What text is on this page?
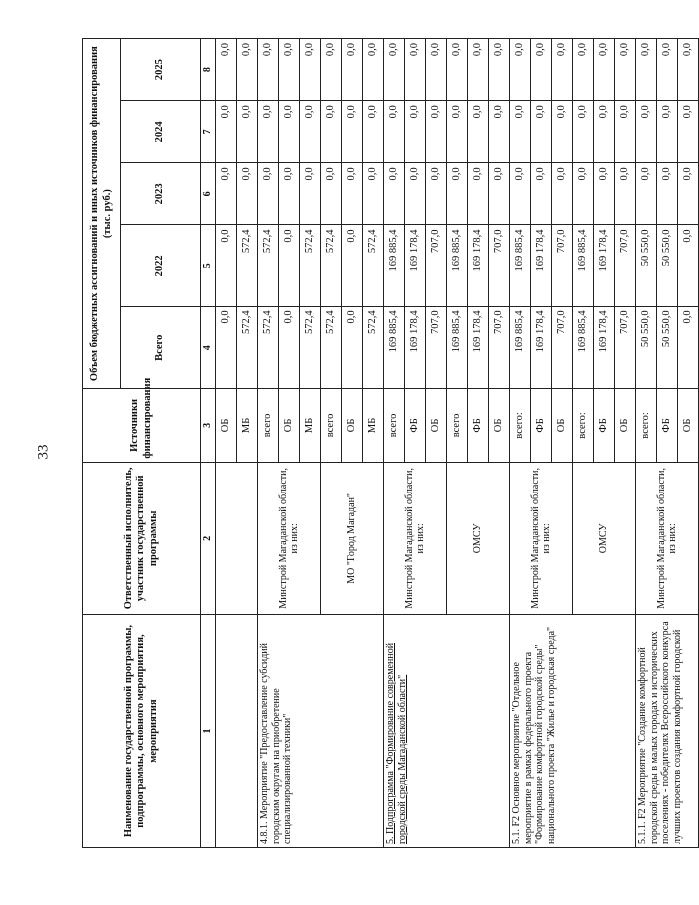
33
Наименование государственной программы, подпрограммы, основного мероприятия, мероприятия	Ответственный исполнитель, участник государственной программы	Источники финансирования	Объем бюджетных ассигнований и иных источников финансирования (тыс. руб.)				
			Всего	2022	2023	2024	2025
1	2	3	4	5	6	7	8
		ОБ	0,0	0,0	0,0	0,0	0,0
		МБ	572,4	572,4	0,0	0,0	0,0
4.8.1. Мероприятие "Предоставление субсидий городским округам на приобретение специализированной техники"	Минстрой Магаданской области, из них:	всего	572,4	572,4	0,0	0,0	0,0
		ОБ	0,0	0,0	0,0	0,0	0,0
		МБ	572,4	572,4	0,0	0,0	0,0
	МО "Город Магадан"	всего	572,4	572,4	0,0	0,0	0,0
		ОБ	0,0	0,0	0,0	0,0	0,0
		МБ	572,4	572,4	0,0	0,0	0,0
5. Подпрограмма "Формирование современной городской среды Магаданской области"	Минстрой Магаданской области, из них:	всего	169 885,4	169 885,4	0,0	0,0	0,0
		ФБ	169 178,4	169 178,4	0,0	0,0	0,0
		ОБ	707,0	707,0	0,0	0,0	0,0
	ОМСУ	всего	169 885,4	169 885,4	0,0	0,0	0,0
		ФБ	169 178,4	169 178,4	0,0	0,0	0,0
		ОБ	707,0	707,0	0,0	0,0	0,0
5.1. F2 Основное мероприятие "Отдельное мероприятие в рамках федерального проекта "Формирование комфортной городской среды" национального проекта "Жилье и городская среда"	Минстрой Магаданской области, из них:	всего:	169 885,4	169 885,4	0,0	0,0	0,0
		ФБ	169 178,4	169 178,4	0,0	0,0	0,0
		ОБ	707,0	707,0	0,0	0,0	0,0
	ОМСУ	всего:	169 885,4	169 885,4	0,0	0,0	0,0
		ФБ	169 178,4	169 178,4	0,0	0,0	0,0
		ОБ	707,0	707,0	0,0	0,0	0,0
5.1.1. F2 Мероприятие "Создание комфортной городской среды в малых городах и исторических поселениях - победителях Всероссийского конкурса лучших проектов создания комфортной городской	Минстрой Магаданской области, из них:	всего:	50 550,0	50 550,0	0,0	0,0	0,0
		ФБ	50 550,0	50 550,0	0,0	0,0	0,0
		ОБ	0,0	0,0	0,0	0,0	0,0
